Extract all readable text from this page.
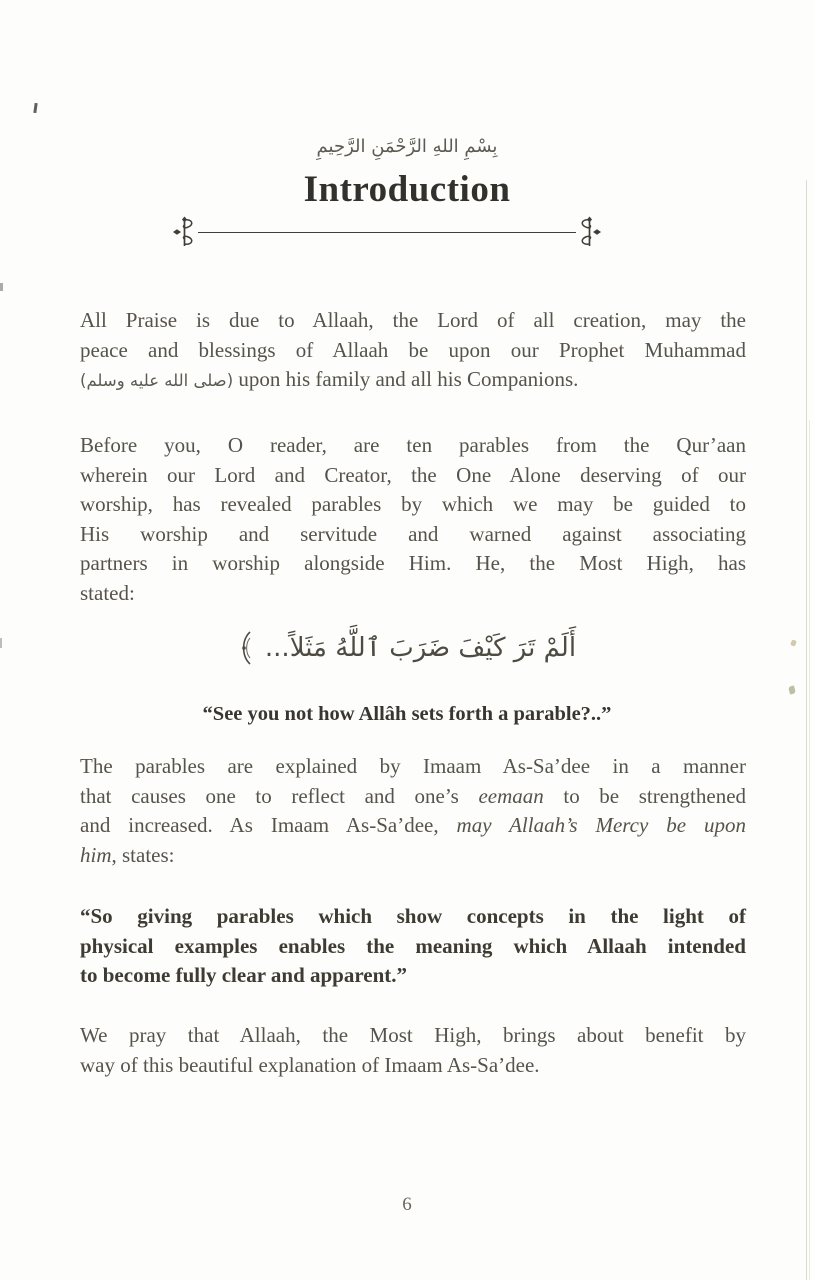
بِسْمِ اللهِ الرَّحْمَنِ الرَّحِيمِ
Introduction
All Praise is due to Allaah, the Lord of all creation, may the
peace and blessings of Allaah be upon our Prophet Muhammad
(صلى الله عليه وسلم) upon his family and all his Companions.
Before you, O reader, are ten parables from the Qur’aan
wherein our Lord and Creator, the One Alone deserving of our
worship, has revealed parables by which we may be guided to
His worship and servitude and warned against associating
partners in worship alongside Him. He, the Most High, has
stated:
أَلَمْ تَرَ كَيْفَ ضَرَبَ ٱللَّهُ مَثَلاً...
“See you not how Allâh sets forth a parable?..”
The parables are explained by Imaam As-Sa’dee in a manner
that causes one to reflect and one’s eemaan to be strengthened
and increased. As Imaam As-Sa’dee, may Allaah’s Mercy be upon
him, states:
“So giving parables which show concepts in the light of
physical examples enables the meaning which Allaah intended
to become fully clear and apparent.”
We pray that Allaah, the Most High, brings about benefit by
way of this beautiful explanation of Imaam As-Sa’dee.
6
